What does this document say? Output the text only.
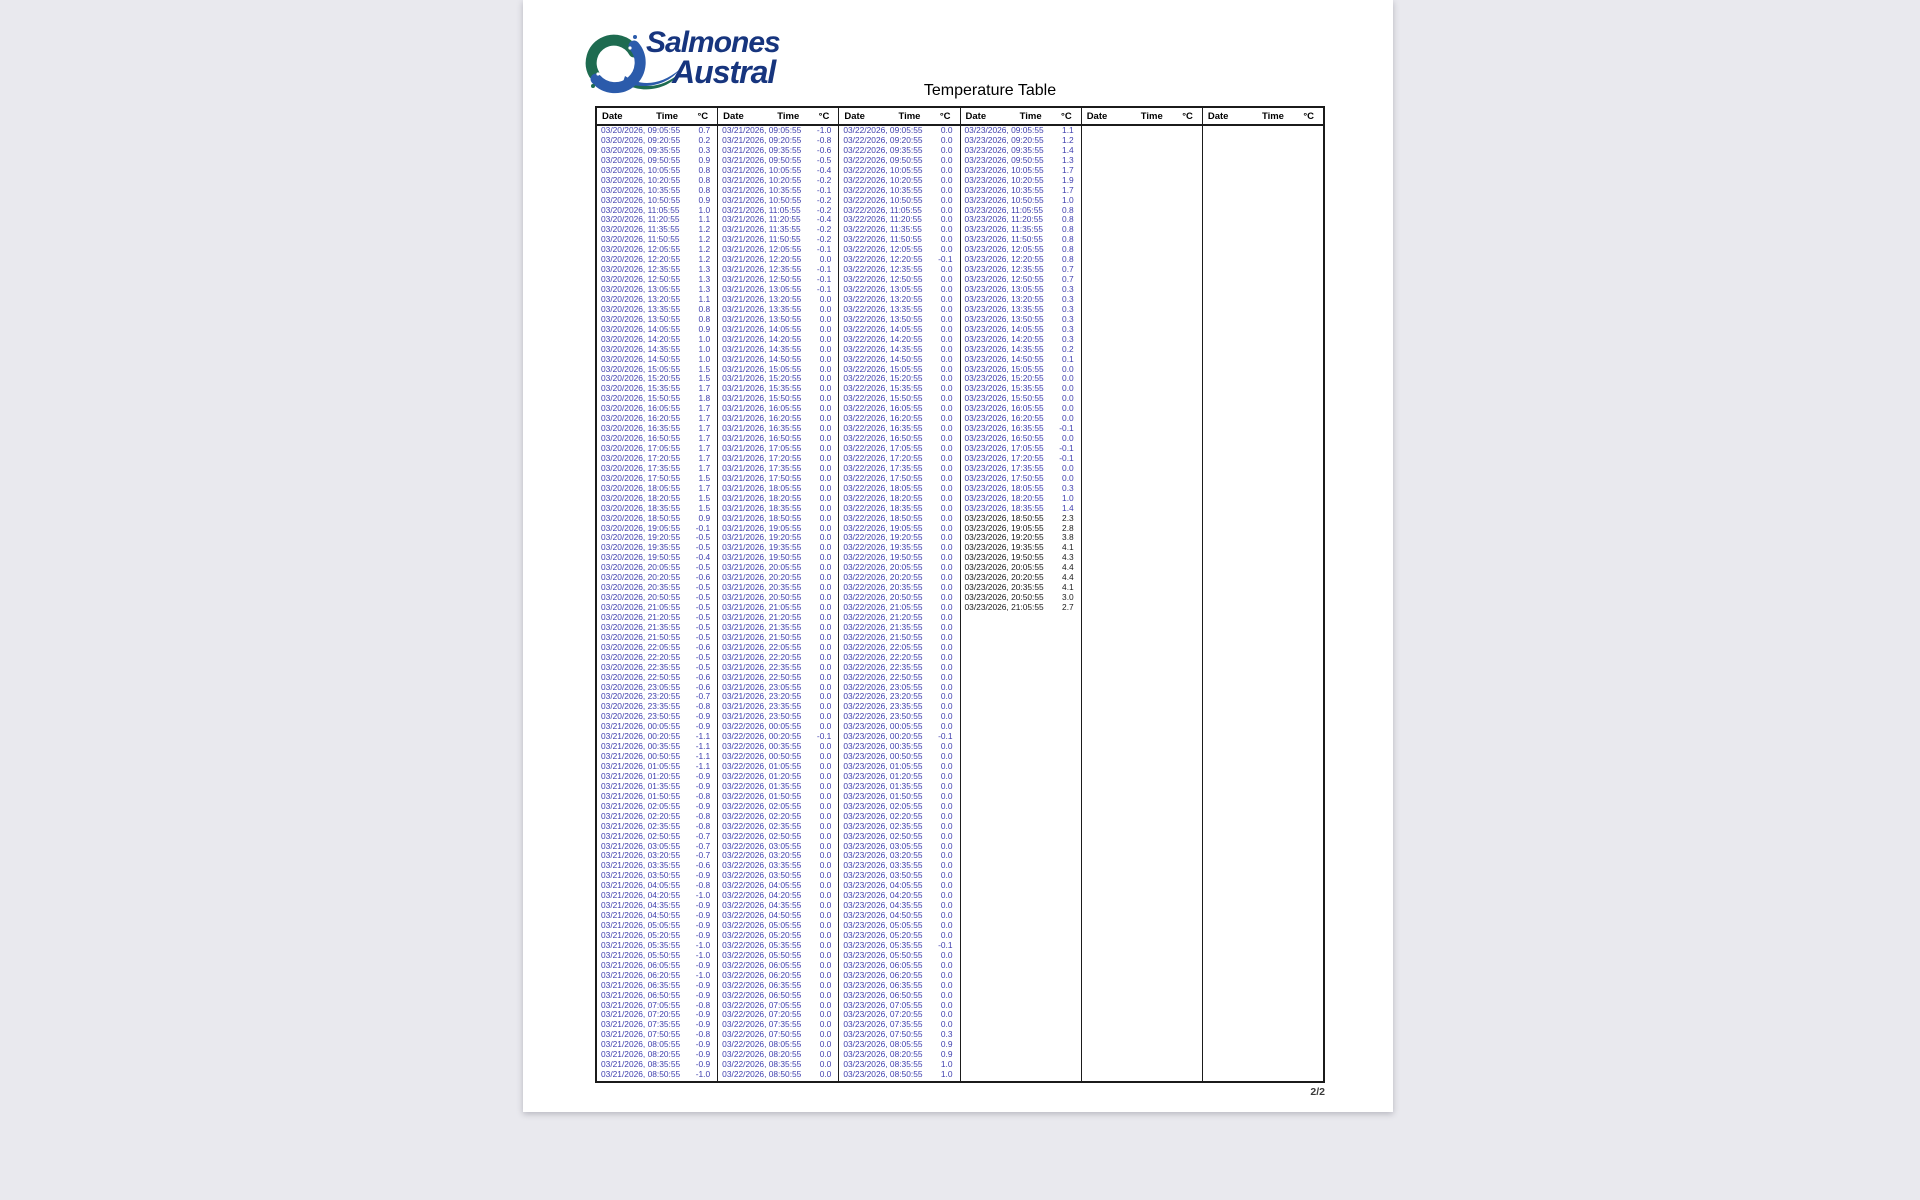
Salmones
Austral
Temperature Table
Date	Time	°C
03/20/2026, 09:05:55	0.7
03/20/2026, 09:20:55	0.2
03/20/2026, 09:35:55	0.3
03/20/2026, 09:50:55	0.9
03/20/2026, 10:05:55	0.8
03/20/2026, 10:20:55	0.8
03/20/2026, 10:35:55	0.8
03/20/2026, 10:50:55	0.9
03/20/2026, 11:05:55	1.0
03/20/2026, 11:20:55	1.1
03/20/2026, 11:35:55	1.2
03/20/2026, 11:50:55	1.2
03/20/2026, 12:05:55	1.2
03/20/2026, 12:20:55	1.2
03/20/2026, 12:35:55	1.3
03/20/2026, 12:50:55	1.3
03/20/2026, 13:05:55	1.3
03/20/2026, 13:20:55	1.1
03/20/2026, 13:35:55	0.8
03/20/2026, 13:50:55	0.8
03/20/2026, 14:05:55	0.9
03/20/2026, 14:20:55	1.0
03/20/2026, 14:35:55	1.0
03/20/2026, 14:50:55	1.0
03/20/2026, 15:05:55	1.5
03/20/2026, 15:20:55	1.5
03/20/2026, 15:35:55	1.7
03/20/2026, 15:50:55	1.8
03/20/2026, 16:05:55	1.7
03/20/2026, 16:20:55	1.7
03/20/2026, 16:35:55	1.7
03/20/2026, 16:50:55	1.7
03/20/2026, 17:05:55	1.7
03/20/2026, 17:20:55	1.7
03/20/2026, 17:35:55	1.7
03/20/2026, 17:50:55	1.5
03/20/2026, 18:05:55	1.7
03/20/2026, 18:20:55	1.5
03/20/2026, 18:35:55	1.5
03/20/2026, 18:50:55	0.9
03/20/2026, 19:05:55	-0.1
03/20/2026, 19:20:55	-0.5
03/20/2026, 19:35:55	-0.5
03/20/2026, 19:50:55	-0.4
03/20/2026, 20:05:55	-0.5
03/20/2026, 20:20:55	-0.6
03/20/2026, 20:35:55	-0.5
03/20/2026, 20:50:55	-0.5
03/20/2026, 21:05:55	-0.5
03/20/2026, 21:20:55	-0.5
03/20/2026, 21:35:55	-0.5
03/20/2026, 21:50:55	-0.5
03/20/2026, 22:05:55	-0.6
03/20/2026, 22:20:55	-0.5
03/20/2026, 22:35:55	-0.5
03/20/2026, 22:50:55	-0.6
03/20/2026, 23:05:55	-0.6
03/20/2026, 23:20:55	-0.7
03/20/2026, 23:35:55	-0.8
03/20/2026, 23:50:55	-0.9
03/21/2026, 00:05:55	-0.9
03/21/2026, 00:20:55	-1.1
03/21/2026, 00:35:55	-1.1
03/21/2026, 00:50:55	-1.1
03/21/2026, 01:05:55	-1.1
03/21/2026, 01:20:55	-0.9
03/21/2026, 01:35:55	-0.9
03/21/2026, 01:50:55	-0.8
03/21/2026, 02:05:55	-0.9
03/21/2026, 02:20:55	-0.8
03/21/2026, 02:35:55	-0.8
03/21/2026, 02:50:55	-0.7
03/21/2026, 03:05:55	-0.7
03/21/2026, 03:20:55	-0.7
03/21/2026, 03:35:55	-0.6
03/21/2026, 03:50:55	-0.9
03/21/2026, 04:05:55	-0.8
03/21/2026, 04:20:55	-1.0
03/21/2026, 04:35:55	-0.9
03/21/2026, 04:50:55	-0.9
03/21/2026, 05:05:55	-0.9
03/21/2026, 05:20:55	-0.9
03/21/2026, 05:35:55	-1.0
03/21/2026, 05:50:55	-1.0
03/21/2026, 06:05:55	-0.9
03/21/2026, 06:20:55	-1.0
03/21/2026, 06:35:55	-0.9
03/21/2026, 06:50:55	-0.9
03/21/2026, 07:05:55	-0.8
03/21/2026, 07:20:55	-0.9
03/21/2026, 07:35:55	-0.9
03/21/2026, 07:50:55	-0.8
03/21/2026, 08:05:55	-0.9
03/21/2026, 08:20:55	-0.9
03/21/2026, 08:35:55	-0.9
03/21/2026, 08:50:55	-1.0
Date	Time	°C
03/21/2026, 09:05:55	-1.0
03/21/2026, 09:20:55	-0.8
03/21/2026, 09:35:55	-0.6
03/21/2026, 09:50:55	-0.5
03/21/2026, 10:05:55	-0.4
03/21/2026, 10:20:55	-0.2
03/21/2026, 10:35:55	-0.1
03/21/2026, 10:50:55	-0.2
03/21/2026, 11:05:55	-0.2
03/21/2026, 11:20:55	-0.4
03/21/2026, 11:35:55	-0.2
03/21/2026, 11:50:55	-0.2
03/21/2026, 12:05:55	-0.1
03/21/2026, 12:20:55	0.0
03/21/2026, 12:35:55	-0.1
03/21/2026, 12:50:55	-0.1
03/21/2026, 13:05:55	-0.1
03/21/2026, 13:20:55	0.0
03/21/2026, 13:35:55	0.0
03/21/2026, 13:50:55	0.0
03/21/2026, 14:05:55	0.0
03/21/2026, 14:20:55	0.0
03/21/2026, 14:35:55	0.0
03/21/2026, 14:50:55	0.0
03/21/2026, 15:05:55	0.0
03/21/2026, 15:20:55	0.0
03/21/2026, 15:35:55	0.0
03/21/2026, 15:50:55	0.0
03/21/2026, 16:05:55	0.0
03/21/2026, 16:20:55	0.0
03/21/2026, 16:35:55	0.0
03/21/2026, 16:50:55	0.0
03/21/2026, 17:05:55	0.0
03/21/2026, 17:20:55	0.0
03/21/2026, 17:35:55	0.0
03/21/2026, 17:50:55	0.0
03/21/2026, 18:05:55	0.0
03/21/2026, 18:20:55	0.0
03/21/2026, 18:35:55	0.0
03/21/2026, 18:50:55	0.0
03/21/2026, 19:05:55	0.0
03/21/2026, 19:20:55	0.0
03/21/2026, 19:35:55	0.0
03/21/2026, 19:50:55	0.0
03/21/2026, 20:05:55	0.0
03/21/2026, 20:20:55	0.0
03/21/2026, 20:35:55	0.0
03/21/2026, 20:50:55	0.0
03/21/2026, 21:05:55	0.0
03/21/2026, 21:20:55	0.0
03/21/2026, 21:35:55	0.0
03/21/2026, 21:50:55	0.0
03/21/2026, 22:05:55	0.0
03/21/2026, 22:20:55	0.0
03/21/2026, 22:35:55	0.0
03/21/2026, 22:50:55	0.0
03/21/2026, 23:05:55	0.0
03/21/2026, 23:20:55	0.0
03/21/2026, 23:35:55	0.0
03/21/2026, 23:50:55	0.0
03/22/2026, 00:05:55	0.0
03/22/2026, 00:20:55	-0.1
03/22/2026, 00:35:55	0.0
03/22/2026, 00:50:55	0.0
03/22/2026, 01:05:55	0.0
03/22/2026, 01:20:55	0.0
03/22/2026, 01:35:55	0.0
03/22/2026, 01:50:55	0.0
03/22/2026, 02:05:55	0.0
03/22/2026, 02:20:55	0.0
03/22/2026, 02:35:55	0.0
03/22/2026, 02:50:55	0.0
03/22/2026, 03:05:55	0.0
03/22/2026, 03:20:55	0.0
03/22/2026, 03:35:55	0.0
03/22/2026, 03:50:55	0.0
03/22/2026, 04:05:55	0.0
03/22/2026, 04:20:55	0.0
03/22/2026, 04:35:55	0.0
03/22/2026, 04:50:55	0.0
03/22/2026, 05:05:55	0.0
03/22/2026, 05:20:55	0.0
03/22/2026, 05:35:55	0.0
03/22/2026, 05:50:55	0.0
03/22/2026, 06:05:55	0.0
03/22/2026, 06:20:55	0.0
03/22/2026, 06:35:55	0.0
03/22/2026, 06:50:55	0.0
03/22/2026, 07:05:55	0.0
03/22/2026, 07:20:55	0.0
03/22/2026, 07:35:55	0.0
03/22/2026, 07:50:55	0.0
03/22/2026, 08:05:55	0.0
03/22/2026, 08:20:55	0.0
03/22/2026, 08:35:55	0.0
03/22/2026, 08:50:55	0.0
Date	Time	°C
03/22/2026, 09:05:55	0.0
03/22/2026, 09:20:55	0.0
03/22/2026, 09:35:55	0.0
03/22/2026, 09:50:55	0.0
03/22/2026, 10:05:55	0.0
03/22/2026, 10:20:55	0.0
03/22/2026, 10:35:55	0.0
03/22/2026, 10:50:55	0.0
03/22/2026, 11:05:55	0.0
03/22/2026, 11:20:55	0.0
03/22/2026, 11:35:55	0.0
03/22/2026, 11:50:55	0.0
03/22/2026, 12:05:55	0.0
03/22/2026, 12:20:55	-0.1
03/22/2026, 12:35:55	0.0
03/22/2026, 12:50:55	0.0
03/22/2026, 13:05:55	0.0
03/22/2026, 13:20:55	0.0
03/22/2026, 13:35:55	0.0
03/22/2026, 13:50:55	0.0
03/22/2026, 14:05:55	0.0
03/22/2026, 14:20:55	0.0
03/22/2026, 14:35:55	0.0
03/22/2026, 14:50:55	0.0
03/22/2026, 15:05:55	0.0
03/22/2026, 15:20:55	0.0
03/22/2026, 15:35:55	0.0
03/22/2026, 15:50:55	0.0
03/22/2026, 16:05:55	0.0
03/22/2026, 16:20:55	0.0
03/22/2026, 16:35:55	0.0
03/22/2026, 16:50:55	0.0
03/22/2026, 17:05:55	0.0
03/22/2026, 17:20:55	0.0
03/22/2026, 17:35:55	0.0
03/22/2026, 17:50:55	0.0
03/22/2026, 18:05:55	0.0
03/22/2026, 18:20:55	0.0
03/22/2026, 18:35:55	0.0
03/22/2026, 18:50:55	0.0
03/22/2026, 19:05:55	0.0
03/22/2026, 19:20:55	0.0
03/22/2026, 19:35:55	0.0
03/22/2026, 19:50:55	0.0
03/22/2026, 20:05:55	0.0
03/22/2026, 20:20:55	0.0
03/22/2026, 20:35:55	0.0
03/22/2026, 20:50:55	0.0
03/22/2026, 21:05:55	0.0
03/22/2026, 21:20:55	0.0
03/22/2026, 21:35:55	0.0
03/22/2026, 21:50:55	0.0
03/22/2026, 22:05:55	0.0
03/22/2026, 22:20:55	0.0
03/22/2026, 22:35:55	0.0
03/22/2026, 22:50:55	0.0
03/22/2026, 23:05:55	0.0
03/22/2026, 23:20:55	0.0
03/22/2026, 23:35:55	0.0
03/22/2026, 23:50:55	0.0
03/23/2026, 00:05:55	0.0
03/23/2026, 00:20:55	-0.1
03/23/2026, 00:35:55	0.0
03/23/2026, 00:50:55	0.0
03/23/2026, 01:05:55	0.0
03/23/2026, 01:20:55	0.0
03/23/2026, 01:35:55	0.0
03/23/2026, 01:50:55	0.0
03/23/2026, 02:05:55	0.0
03/23/2026, 02:20:55	0.0
03/23/2026, 02:35:55	0.0
03/23/2026, 02:50:55	0.0
03/23/2026, 03:05:55	0.0
03/23/2026, 03:20:55	0.0
03/23/2026, 03:35:55	0.0
03/23/2026, 03:50:55	0.0
03/23/2026, 04:05:55	0.0
03/23/2026, 04:20:55	0.0
03/23/2026, 04:35:55	0.0
03/23/2026, 04:50:55	0.0
03/23/2026, 05:05:55	0.0
03/23/2026, 05:20:55	0.0
03/23/2026, 05:35:55	-0.1
03/23/2026, 05:50:55	0.0
03/23/2026, 06:05:55	0.0
03/23/2026, 06:20:55	0.0
03/23/2026, 06:35:55	0.0
03/23/2026, 06:50:55	0.0
03/23/2026, 07:05:55	0.0
03/23/2026, 07:20:55	0.0
03/23/2026, 07:35:55	0.0
03/23/2026, 07:50:55	0.3
03/23/2026, 08:05:55	0.9
03/23/2026, 08:20:55	0.9
03/23/2026, 08:35:55	1.0
03/23/2026, 08:50:55	1.0
Date	Time	°C
03/23/2026, 09:05:55	1.1
03/23/2026, 09:20:55	1.2
03/23/2026, 09:35:55	1.4
03/23/2026, 09:50:55	1.3
03/23/2026, 10:05:55	1.7
03/23/2026, 10:20:55	1.9
03/23/2026, 10:35:55	1.7
03/23/2026, 10:50:55	1.0
03/23/2026, 11:05:55	0.8
03/23/2026, 11:20:55	0.8
03/23/2026, 11:35:55	0.8
03/23/2026, 11:50:55	0.8
03/23/2026, 12:05:55	0.8
03/23/2026, 12:20:55	0.8
03/23/2026, 12:35:55	0.7
03/23/2026, 12:50:55	0.7
03/23/2026, 13:05:55	0.3
03/23/2026, 13:20:55	0.3
03/23/2026, 13:35:55	0.3
03/23/2026, 13:50:55	0.3
03/23/2026, 14:05:55	0.3
03/23/2026, 14:20:55	0.3
03/23/2026, 14:35:55	0.2
03/23/2026, 14:50:55	0.1
03/23/2026, 15:05:55	0.0
03/23/2026, 15:20:55	0.0
03/23/2026, 15:35:55	0.0
03/23/2026, 15:50:55	0.0
03/23/2026, 16:05:55	0.0
03/23/2026, 16:20:55	0.0
03/23/2026, 16:35:55	-0.1
03/23/2026, 16:50:55	0.0
03/23/2026, 17:05:55	-0.1
03/23/2026, 17:20:55	-0.1
03/23/2026, 17:35:55	0.0
03/23/2026, 17:50:55	0.0
03/23/2026, 18:05:55	0.3
03/23/2026, 18:20:55	1.0
03/23/2026, 18:35:55	1.4
03/23/2026, 18:50:55	2.3
03/23/2026, 19:05:55	2.8
03/23/2026, 19:20:55	3.8
03/23/2026, 19:35:55	4.1
03/23/2026, 19:50:55	4.3
03/23/2026, 20:05:55	4.4
03/23/2026, 20:20:55	4.4
03/23/2026, 20:35:55	4.1
03/23/2026, 20:50:55	3.0
03/23/2026, 21:05:55	2.7
Date	Time	°C	Date	Time	°C
2/2
